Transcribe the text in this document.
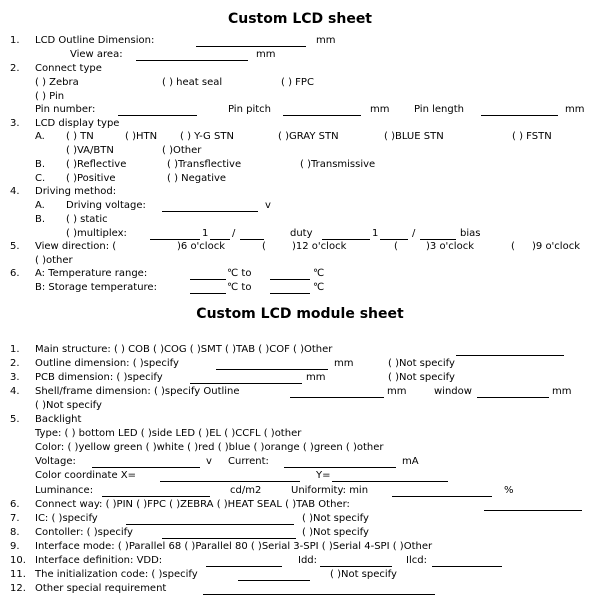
Custom LCD sheet
1. LCD Outline Dimension:	mm
View area:	mm
2. Connect type
( ) Zebra	( ) heat seal	( ) FPC
( ) Pin
Pin number:	Pin pitch	mm Pin length	mm
3. LCD display type
A. ( ) TN	( )HTN ( ) Y-G STN	( )GRAY STN	( )BLUE STN	( ) FSTN
( )VA/BTN	( )Other
B. ( )Reflective	( )Transflective	( )Transmissive
C. ( )Positive	( ) Negative
4. Driving method:
A. Driving voltage:	v
B. ( ) static
( )multiplex:	1 /	duty	1	/	bias
5. View direction: (	)6 o'clock	(	)12 o'clock	(	)3 o'clock	( )9 o'clock
( )other
6. A: Temperature range:	℃ to	℃
B: Storage temperature:	℃ to	℃
Custom LCD module sheet
1. Main structure: ( ) COB ( )COG ( )SMT ( )TAB ( )COF ( )Other
2. Outline dimension: ( )specify	mm	( )Not specify
3. PCB dimension: ( )specify	mm	( )Not specify
4. Shell/frame dimension: ( )specify Outline	mm	window	mm
( )Not specify
5. Backlight
Type: ( ) bottom LED ( )side LED ( )EL ( )CCFL ( )other
Color: ( )yellow green ( )white ( )red ( )blue ( )orange ( )green ( )other
Voltage:	v Current:	mA
Color coordinate X=	Y=
Luminance:	cd/m2	Uniformity: min	%
6. Connect way: ( )PIN ( )FPC ( )ZEBRA ( )HEAT SEAL ( )TAB Other:
7. IC: ( )specify	( )Not specify
8. Contoller: ( )specify	( )Not specify
9. Interface mode: ( )Parallel 68 ( )Parallel 80 ( )Serial 3-SPI ( )Serial 4-SPI ( )Other
10. Interface definition: VDD:	Idd:	Ilcd:
11. The initialization code: ( )specify	( )Not specify
12. Other special requirement
